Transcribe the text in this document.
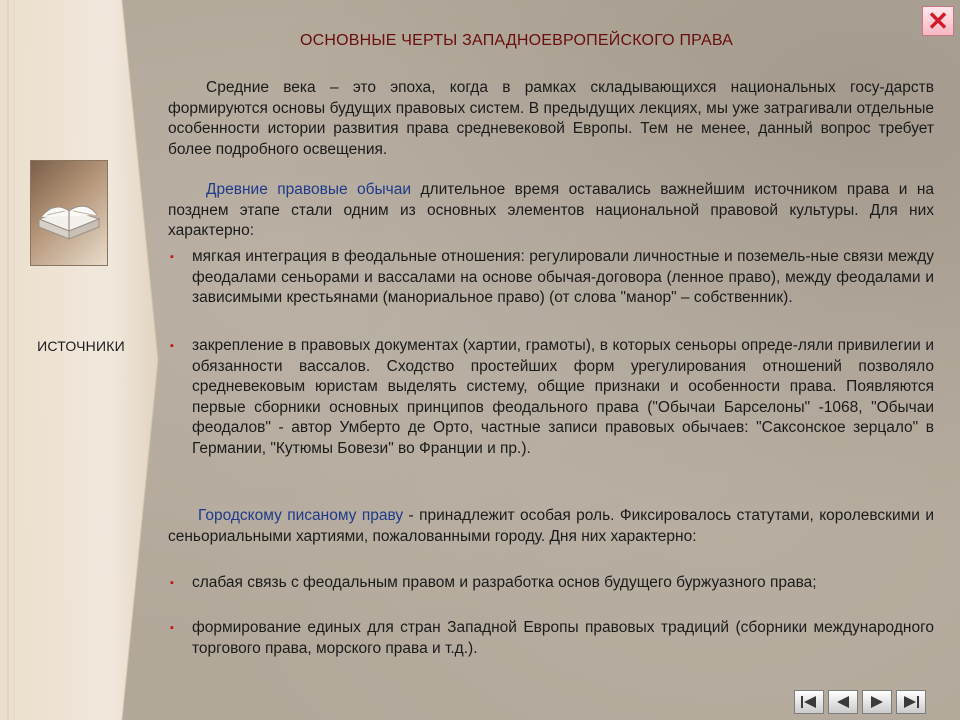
ИСТОЧНИКИ
ОСНОВНЫЕ ЧЕРТЫ ЗАПАДНОЕВРОПЕЙСКОГО ПРАВА
Средние века – это эпоха, когда в рамках складывающихся национальных госу-дарств формируются основы будущих правовых систем. В предыдущих лекциях, мы уже затрагивали отдельные особенности истории развития права средневековой Европы. Тем не менее, данный вопрос требует более подробного освещения.
Древние правовые обычаи длительное время оставались важнейшим источником права и на позднем этапе стали одним из основных элементов национальной правовой культуры. Для них характерно:
▪ мягкая интеграция в феодальные отношения: регулировали личностные и поземель-ные связи между феодалами сеньорами и вассалами на основе обычая-договора (ленное право), между феодалами и зависимыми крестьянами (манориальное право) (от слова "манор" – собственник).
▪ закрепление в правовых документах (хартии, грамоты), в которых сеньоры опреде-ляли привилегии и обязанности вассалов. Сходство простейших форм урегулирования отношений позволяло средневековым юристам выделять систему, общие признаки и особенности права. Появляются первые сборники основных принципов феодального права ("Обычаи Барселоны" -1068, "Обычаи феодалов" - автор Умберто де Орто, частные записи правовых обычаев: "Саксонское зерцало" в Германии, "Кутюмы Бовези" во Франции и пр.).
Городскому писаному праву - принадлежит особая роль. Фиксировалось статутами, королевскими и сеньориальными хартиями, пожалованными городу. Дня них характерно:
▪ слабая связь с феодальным правом и разработка основ будущего буржуазного права;
▪ формирование единых для стран Западной Европы правовых традиций (сборники международного торгового права, морского права и т.д.).
✕
